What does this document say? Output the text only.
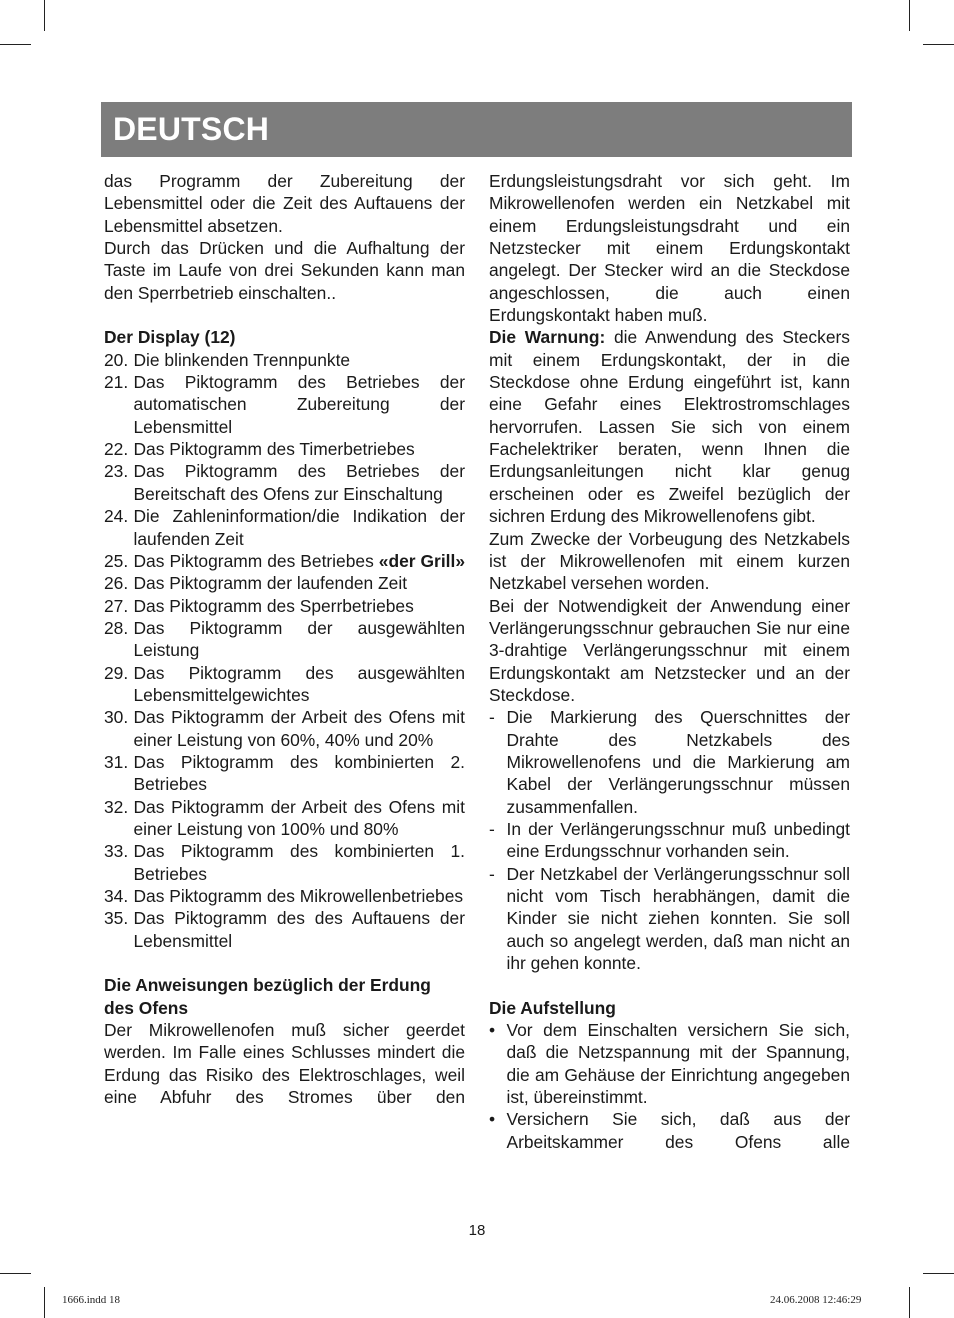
DEUTSCH

das Programm der Zubereitung der Lebensmittel oder die Zeit des Auftauens der Lebensmittel absetzen.

Durch das Drücken und die Aufhaltung der Taste im Laufe von drei Sekunden kann man den Sperrbetrieb einschalten..

Der Display (12)

20. Die blinkenden Trennpunkte
21. Das Piktogramm des Betriebes der automatischen Zubereitung der Lebensmittel
22. Das Piktogramm des Timerbetriebes
23. Das Piktogramm des Betriebes der Bereitschaft des Ofens zur Einschaltung
24. Die Zahleninformation/die Indikation der laufenden Zeit
25. Das Piktogramm des Betriebes «der Grill»
26. Das Piktogramm der laufenden Zeit
27. Das Piktogramm des Sperrbetriebes
28. Das Piktogramm der ausgewählten Leistung
29. Das Piktogramm des ausgewählten Lebensmittelgewichtes
30. Das Piktogramm der Arbeit des Ofens mit einer Leistung von 60%, 40% und 20%
31. Das Piktogramm des kombinierten 2. Betriebes
32. Das Piktogramm der Arbeit des Ofens mit einer Leistung von 100% und 80%
33. Das Piktogramm des kombinierten 1. Betriebes
34. Das Piktogramm des Mikrowellenbetriebes
35. Das Piktogramm des des Auftauens der Lebensmittel

Die Anweisungen bezüglich der Erdung des Ofens

Der Mikrowellenofen muß sicher geerdet werden. Im Falle eines Schlusses mindert die Erdung das Risiko des Elektroschlages, weil eine Abfuhr des Stromes über den

Erdungsleistungsdraht vor sich geht. Im Mikrowellenofen werden ein Netzkabel mit einem Erdungsleistungsdraht und ein Netzstecker mit einem Erdungskontakt angelegt. Der Stecker wird an die Steckdose angeschlossen, die auch einen Erdungskontakt haben muß.

Die Warnung: die Anwendung des Steckers mit einem Erdungskontakt, der in die Steckdose ohne Erdung eingeführt ist, kann eine Gefahr eines Elektrostromschlages hervorrufen. Lassen Sie sich von einem Fachelektriker beraten, wenn Ihnen die Erdungsanleitungen nicht klar genug erscheinen oder es Zweifel bezüglich der sichren Erdung des Mikrowellenofens gibt.

Zum Zwecke der Vorbeugung des Netzkabels ist der Mikrowellenofen mit einem kurzen Netzkabel versehen worden.

Bei der Notwendigkeit der Anwendung einer Verlängerungsschnur gebrauchen Sie nur eine 3-drahtige Verlängerungsschnur mit einem Erdungskontakt am Netzstecker und an der Steckdose.

- Die Markierung des Querschnittes der Drahte des Netzkabels des Mikrowellenofens und die Markierung am Kabel der Verlängerungsschnur müssen zusammenfallen.
- In der Verlängerungsschnur muß unbedingt eine Erdungsschnur vorhanden sein.
- Der Netzkabel der Verlängerungsschnur soll nicht vom Tisch herabhängen, damit die Kinder sie nicht ziehen konnten. Sie soll auch so angelegt werden, daß man nicht an ihr gehen konnte.

Die Aufstellung

• Vor dem Einschalten versichern Sie sich, daß die Netzspannung mit der Spannung, die am Gehäuse der Einrichtung angegeben ist, übereinstimmt.
• Versichern Sie sich, daß aus der Arbeitskammer des Ofens alle
18
1666.indd 18	24.06.2008 12:46:29
